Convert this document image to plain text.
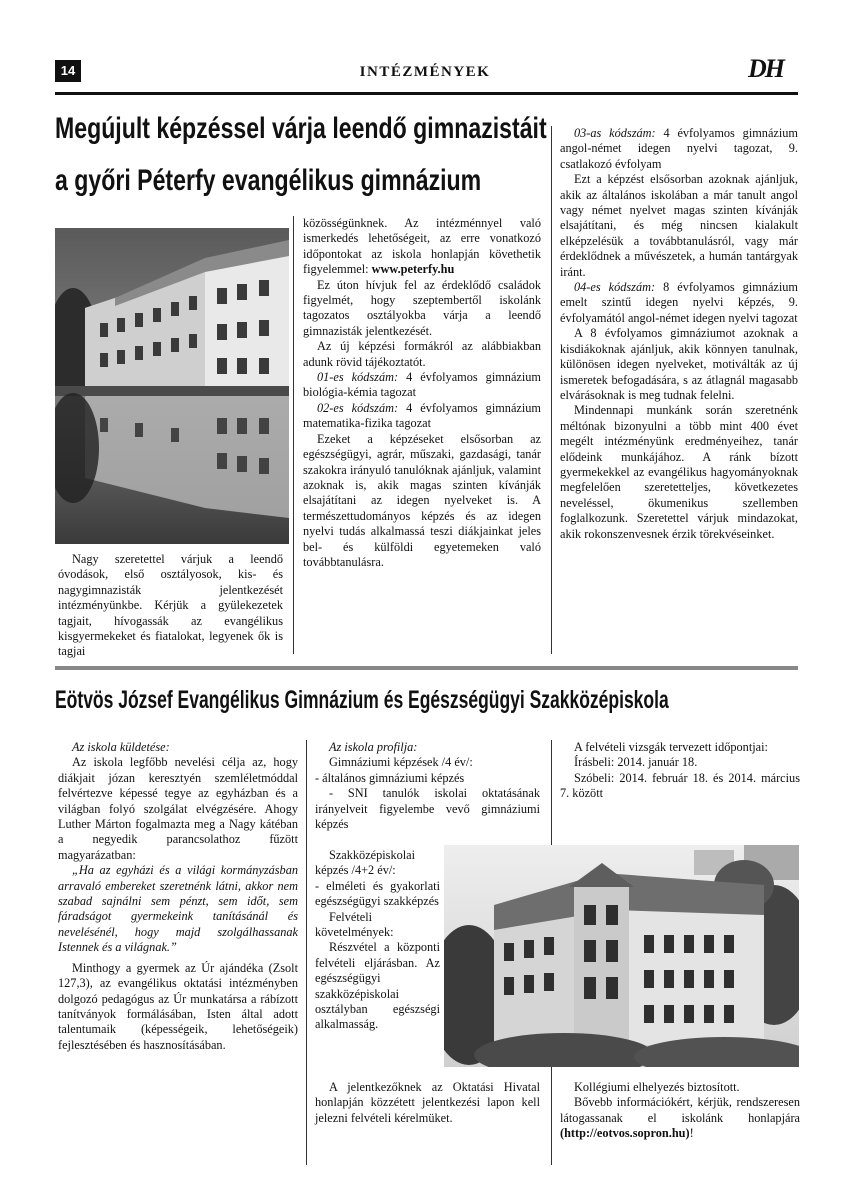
14	INTÉZMÉNYEK	DH
Megújult képzéssel várja leendő gimnazistáit
a győri Péterfy evangélikus gimnázium

Nagy szeretettel várjuk a leendő óvodások, első osztályosok, kis- és nagygimnazisták jelentkezését intézményünkbe. Kérjük a gyülekezetek tagjait, hívogassák az evangélikus kisgyermekeket és fiatalokat, legyenek ők is tagjai

közösségünknek. Az intézménnyel való ismerkedés lehetőségeit, az erre vonatkozó időpontokat az iskola honlapján követhetik figyelemmel: www.peterfy.hu

Ez úton hívjuk fel az érdeklődő családok figyelmét, hogy szeptembertől iskolánk tagozatos osztályokba várja a leendő gimnazisták jelentkezését.

Az új képzési formákról az alábbiakban adunk rövid tájékoztatót.

01-es kódszám: 4 évfolyamos gimnázium biológia-kémia tagozat

02-es kódszám: 4 évfolyamos gimnázium matematika-fizika tagozat

Ezeket a képzéseket elsősorban az egészségügyi, agrár, műszaki, gazdasági, tanár szakokra irányuló tanulóknak ajánljuk, valamint azoknak is, akik magas szinten kívánják elsajátítani az idegen nyelveket is. A természettudományos képzés és az idegen nyelvi tudás alkalmassá teszi diákjainkat jeles bel- és külföldi egyetemeken való továbbtanulásra.

03-as kódszám: 4 évfolyamos gimnázium angol-német idegen nyelvi tagozat, 9. csatlakozó évfolyam

Ezt a képzést elsősorban azoknak ajánljuk, akik az általános iskolában a már tanult angol vagy német nyelvet magas szinten kívánják elsajátítani, és még nincsen kialakult elképzelésük a továbbtanulásról, vagy már érdeklődnek a művészetek, a humán tantárgyak iránt.

04-es kódszám: 8 évfolyamos gimnázium emelt szintű idegen nyelvi képzés, 9. évfolyamától angol-német idegen nyelvi tagozat

A 8 évfolyamos gimnáziumot azoknak a kisdiákoknak ajánljuk, akik könnyen tanulnak, különösen idegen nyelveket, motiválták az új ismeretek befogadására, s az átlagnál magasabb elvárásoknak is meg tudnak felelni.

Mindennapi munkánk során szeretnénk méltónak bizonyulni a több mint 400 évet megélt intézményünk eredményeihez, tanár elődeink munkájához. A ránk bízott gyermekekkel az evangélikus hagyományoknak megfelelően szeretetteljes, következetes neveléssel, ökumenikus szellemben foglalkozunk. Szeretettel várjuk mindazokat, akik rokonszenvesnek érzik törekvéseinket.

Eötvös József Evangélikus Gimnázium és Egészségügyi Szakközépiskola

Az iskola küldetése:

Az iskola legfőbb nevelési célja az, hogy diákjait józan keresztyén szemléletmóddal felvértezve képessé tegye az egyházban és a világban folyó szolgálat elvégzésére. Ahogy Luther Márton fogalmazta meg a Nagy kátéban a negyedik parancsolathoz fűzött magyarázatban:

„Ha az egyházi és a világi kormányzásban arravaló embereket szeretnénk látni, akkor nem szabad sajnálni sem pénzt, sem időt, sem fáradságot gyermekeink tanításánál és nevelésénél, hogy majd szolgálhassanak Istennek és a világnak.”

Minthogy a gyermek az Úr ajándéka (Zsolt 127,3), az evangélikus oktatási intézményben dolgozó pedagógus az Úr munkatársa a rábízott tanítványok formálásában, Isten által adott talentumaik (képességeik, lehetőségeik) fejlesztésében és hasznosításában.

Az iskola profilja:

Gimnáziumi képzések /4 év/:

- általános gimnáziumi képzés

- SNI tanulók iskolai oktatásának irányelveit figyelembe vevő gimnáziumi képzés

Szakközépiskolai képzés /4+2 év/:

- elméleti és gyakorlati egészségügyi szakképzés

Felvételi követelmények:

Részvétel a központi felvételi eljárásban. Az egészségügyi szakközépiskolai osztályban egészségi alkalmasság.

A jelentkezőknek az Oktatási Hivatal honlapján közzétett jelentkezési lapon kell jelezni felvételi kérelmüket.

A felvételi vizsgák tervezett időpontjai:

Írásbeli: 2014. január 18.

Szóbeli: 2014. február 18. és 2014. március 7. között

Kollégiumi elhelyezés biztosított.

Bővebb információkért, kérjük, rendszeresen látogassanak el iskolánk honlapjára (http://eotvos.sopron.hu)!
